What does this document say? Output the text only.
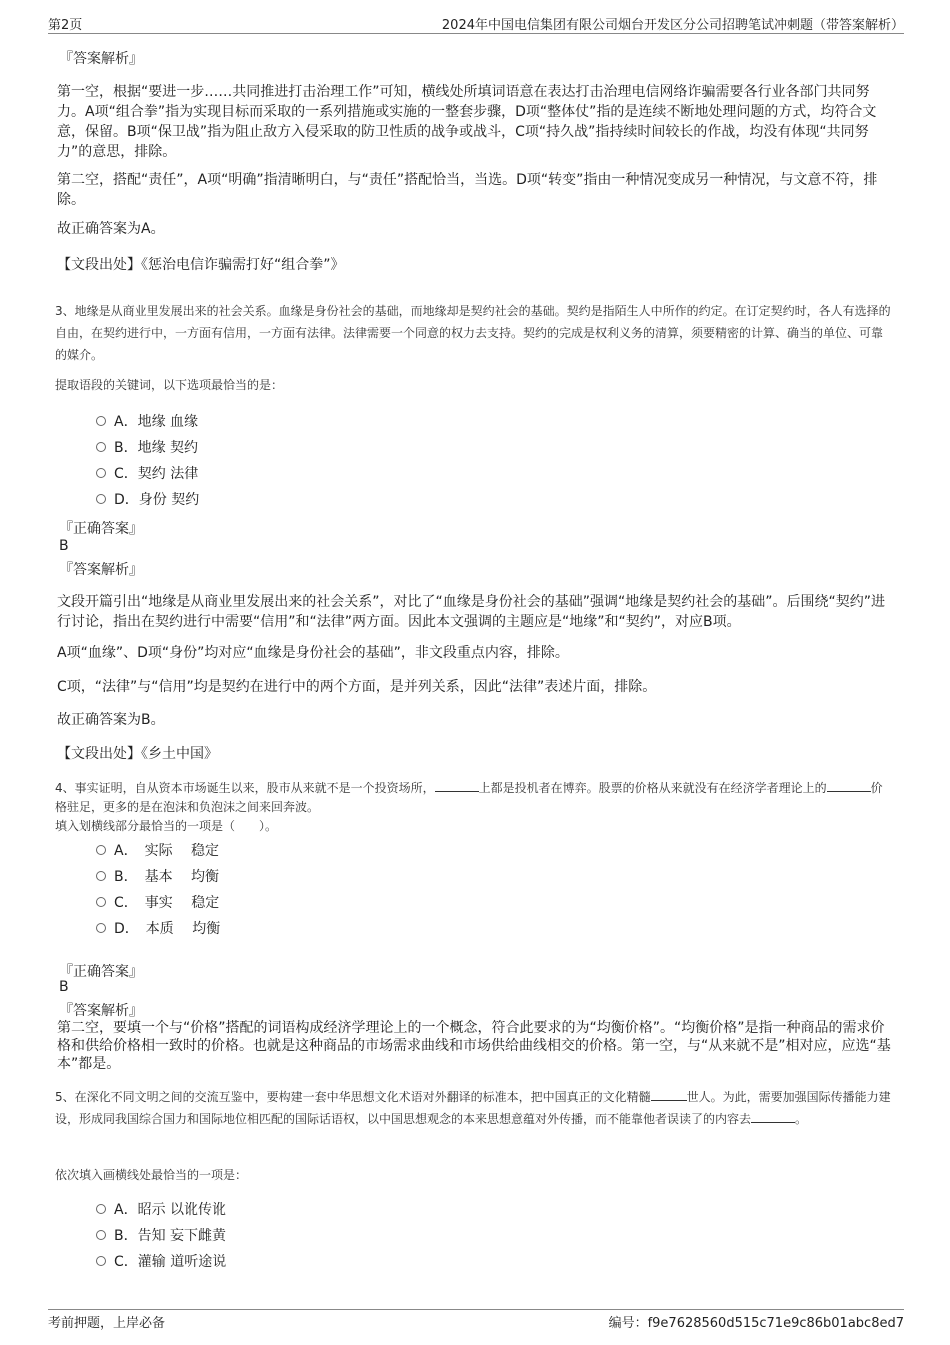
第2页	2024年中国电信集团有限公司烟台开发区分公司招聘笔试冲刺题（带答案解析）
『答案解析』

第一空，根据“要进一步……共同推进打击治理工作”可知，横线处所填词语意在表达打击治理电信网络诈骗需要各行业各部门共同努力。A项“组合拳”指为实现目标而采取的一系列措施或实施的一整套步骤，D项“整体仗”指的是连续不断地处理问题的方式，均符合文意，保留。B项“保卫战”指为阻止敌方入侵采取的防卫性质的战争或战斗，C项“持久战”指持续时间较长的作战，均没有体现“共同努力”的意思，排除。

第二空，搭配“责任”，A项“明确”指清晰明白，与“责任”搭配恰当，当选。D项“转变”指由一种情况变成另一种情况，与文意不符，排除。

故正确答案为A。

【文段出处】《惩治电信诈骗需打好“组合拳”》

3、地缘是从商业里发展出来的社会关系。血缘是身份社会的基础，而地缘却是契约社会的基础。契约是指陌生人中所作的约定。在订定契约时，各人有选择的自由，在契约进行中，一方面有信用，一方面有法律。法律需要一个同意的权力去支持。契约的完成是权利义务的清算，须要精密的计算、确当的单位、可靠的媒介。

提取语段的关键词，以下选项最恰当的是：

A．地缘 血缘
B．地缘 契约
C．契约 法律
D．身份 契约
『正确答案』
B
『答案解析』

文段开篇引出“地缘是从商业里发展出来的社会关系”，对比了“血缘是身份社会的基础”强调“地缘是契约社会的基础”。后围绕“契约”进行讨论，指出在契约进行中需要“信用”和“法律”两方面。因此本文强调的主题应是“地缘”和“契约”，对应B项。

A项“血缘”、D项“身份”均对应“血缘是身份社会的基础”，非文段重点内容，排除。

C项，“法律”与“信用”均是契约在进行中的两个方面，是并列关系，因此“法律”表述片面，排除。

故正确答案为B。

【文段出处】《乡土中国》

4、事实证明，自从资本市场诞生以来，股市从来就不是一个投资场所，	上都是投机者在博弈。股票的价格从来就没有在经济学者理论上的	价格驻足，更多的是在泡沫和负泡沫之间来回奔波。

填入划横线部分最恰当的一项是（　　）。

A．　实际　 稳定
B．　基本　 均衡
C．　事实　 稳定
D．　本质　 均衡
『正确答案』
B
『答案解析』

第二空，要填一个与“价格”搭配的词语构成经济学理论上的一个概念，符合此要求的为“均衡价格”。“均衡价格”是指一种商品的需求价格和供给价格相一致时的价格。也就是这种商品的市场需求曲线和市场供给曲线相交的价格。第一空，与“从来就不是”相对应，应选“基本”都是。

5、在深化不同文明之间的交流互鉴中，要构建一套中华思想文化术语对外翻译的标准本，把中国真正的文化精髓	世人。为此，需要加强国际传播能力建设，形成同我国综合国力和国际地位相匹配的国际话语权，以中国思想观念的本来思想意蕴对外传播，而不能靠他者误读了的内容去	。

依次填入画横线处最恰当的一项是：

A．昭示 以讹传讹
B．告知 妄下雌黄
C．灌输 道听途说
考前押题，上岸必备	编号：f9e7628560d515c71e9c86b01abc8ed7
